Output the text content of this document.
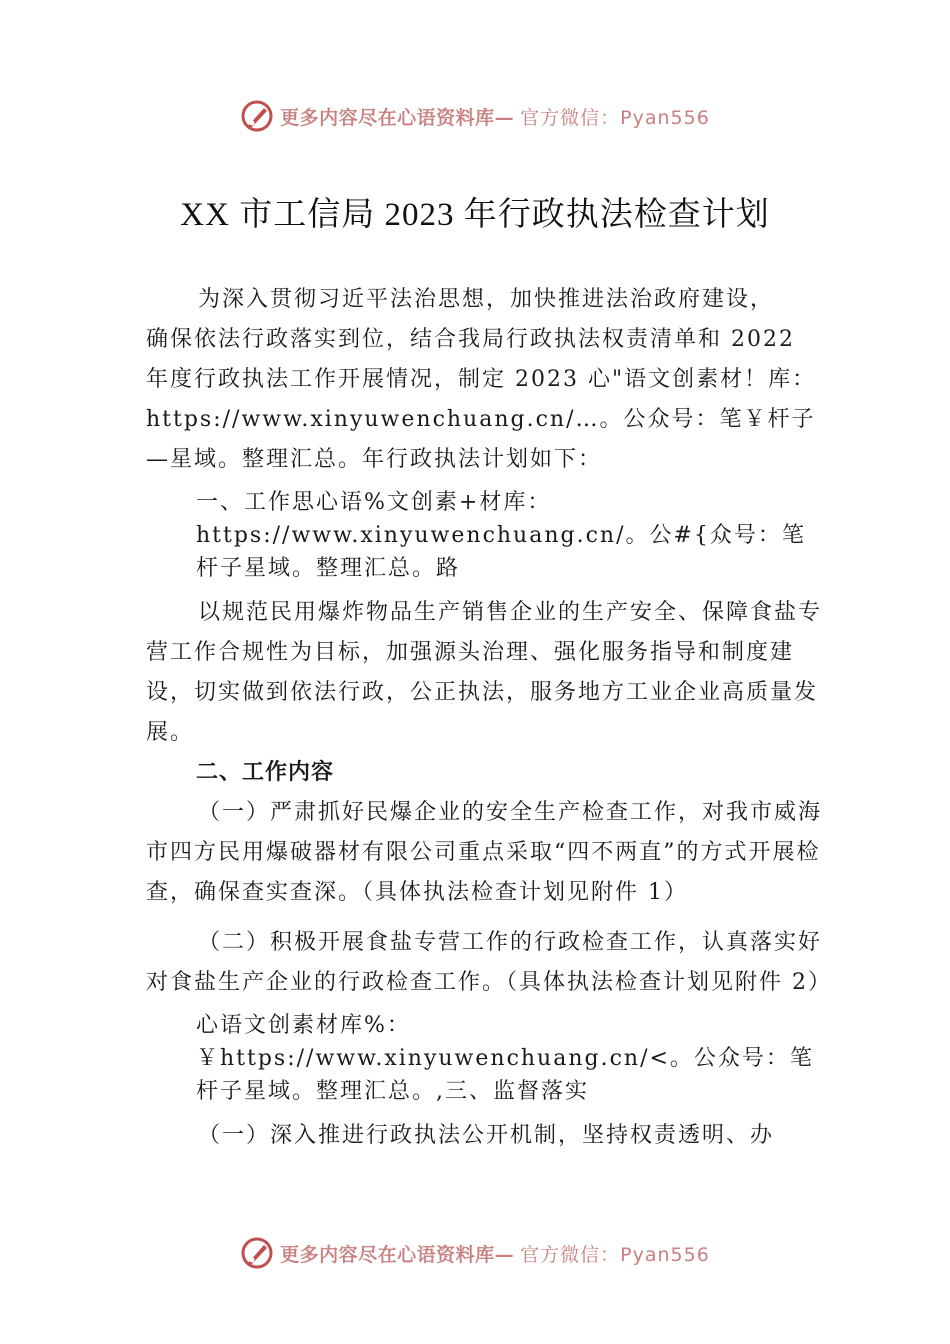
更多内容尽在心语资料库— 官方微信：Pyan556
XX 市工信局 2023 年行政执法检查计划

为深入贯彻习近平法治思想，加快推进法治政府建设，

确保依法行政落实到位，结合我局行政执法权责清单和 2022 年度行政执法工作开展情况，制定 2023 心"语文创素材！库：https://www.xinyuwenchuang.cn/…。公众号：笔￥杆子—星域。整理汇总。年行政执法计划如下：

一、工作思心语%文创素+材库：https://www.xinyuwenchuang.cn/。公#{众号：笔杆子星域。整理汇总。路

以规范民用爆炸物品生产销售企业的生产安全、保障食盐专营工作合规性为目标，加强源头治理、强化服务指导和制度建设，切实做到依法行政，公正执法，服务地方工业企业高质量发展。

二、工作内容

（一）严肃抓好民爆企业的安全生产检查工作，对我市威海市四方民用爆破器材有限公司重点采取“四不两直”的方式开展检查，确保查实查深。（具体执法检查计划见附件 1）

（二）积极开展食盐专营工作的行政检查工作，认真落实好对食盐生产企业的行政检查工作。（具体执法检查计划见附件 2）

心语文创素材库%：￥https://www.xinyuwenchuang.cn/<。公众号：笔杆子星域。整理汇总。,三、监督落实

（一）深入推进行政执法公开机制，坚持权责透明、办

更多内容尽在心语资料库— 官方微信：Pyan556
